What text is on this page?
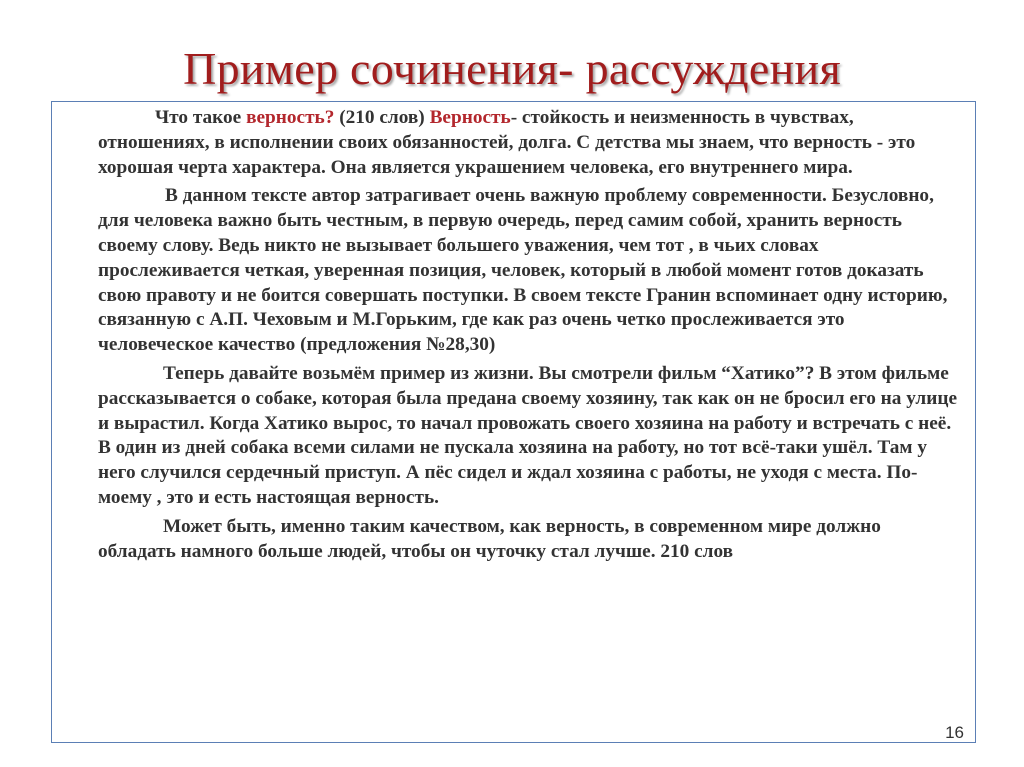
Пример сочинения- рассуждения

Что такое верность? (210 слов) Верность- стойкость и неизменность в чувствах, отношениях, в исполнении своих обязанностей, долга. С детства мы знаем, что верность - это хорошая черта характера. Она является украшением человека, его внутреннего мира.

В данном тексте автор затрагивает очень важную проблему современности. Безусловно, для человека важно быть честным, в первую очередь, перед самим собой, хранить верность своему слову. Ведь никто не вызывает большего уважения, чем тот , в чьих словах прослеживается четкая, уверенная позиция, человек, который в любой момент готов доказать свою правоту и не боится совершать поступки. В своем тексте Гранин вспоминает одну историю, связанную с А.П. Чеховым и М.Горьким, где как раз очень четко прослеживается это человеческое качество (предложения №28,30)

Теперь давайте возьмём пример из жизни. Вы смотрели фильм “Хатико”? В этом фильме рассказывается о собаке, которая была предана своему хозяину, так как он не бросил его на улице и вырастил. Когда Хатико вырос, то начал провожать своего хозяина на работу и встречать с неё. В один из дней собака всеми силами не пускала хозяина на работу, но тот всё-таки ушёл. Там у него случился сердечный приступ. А пёс сидел и ждал хозяина с работы, не уходя с места. По-моему , это и есть настоящая верность.

Может быть, именно таким качеством, как верность, в современном мире должно обладать намного больше людей, чтобы он чуточку стал лучше. 210 слов

16
